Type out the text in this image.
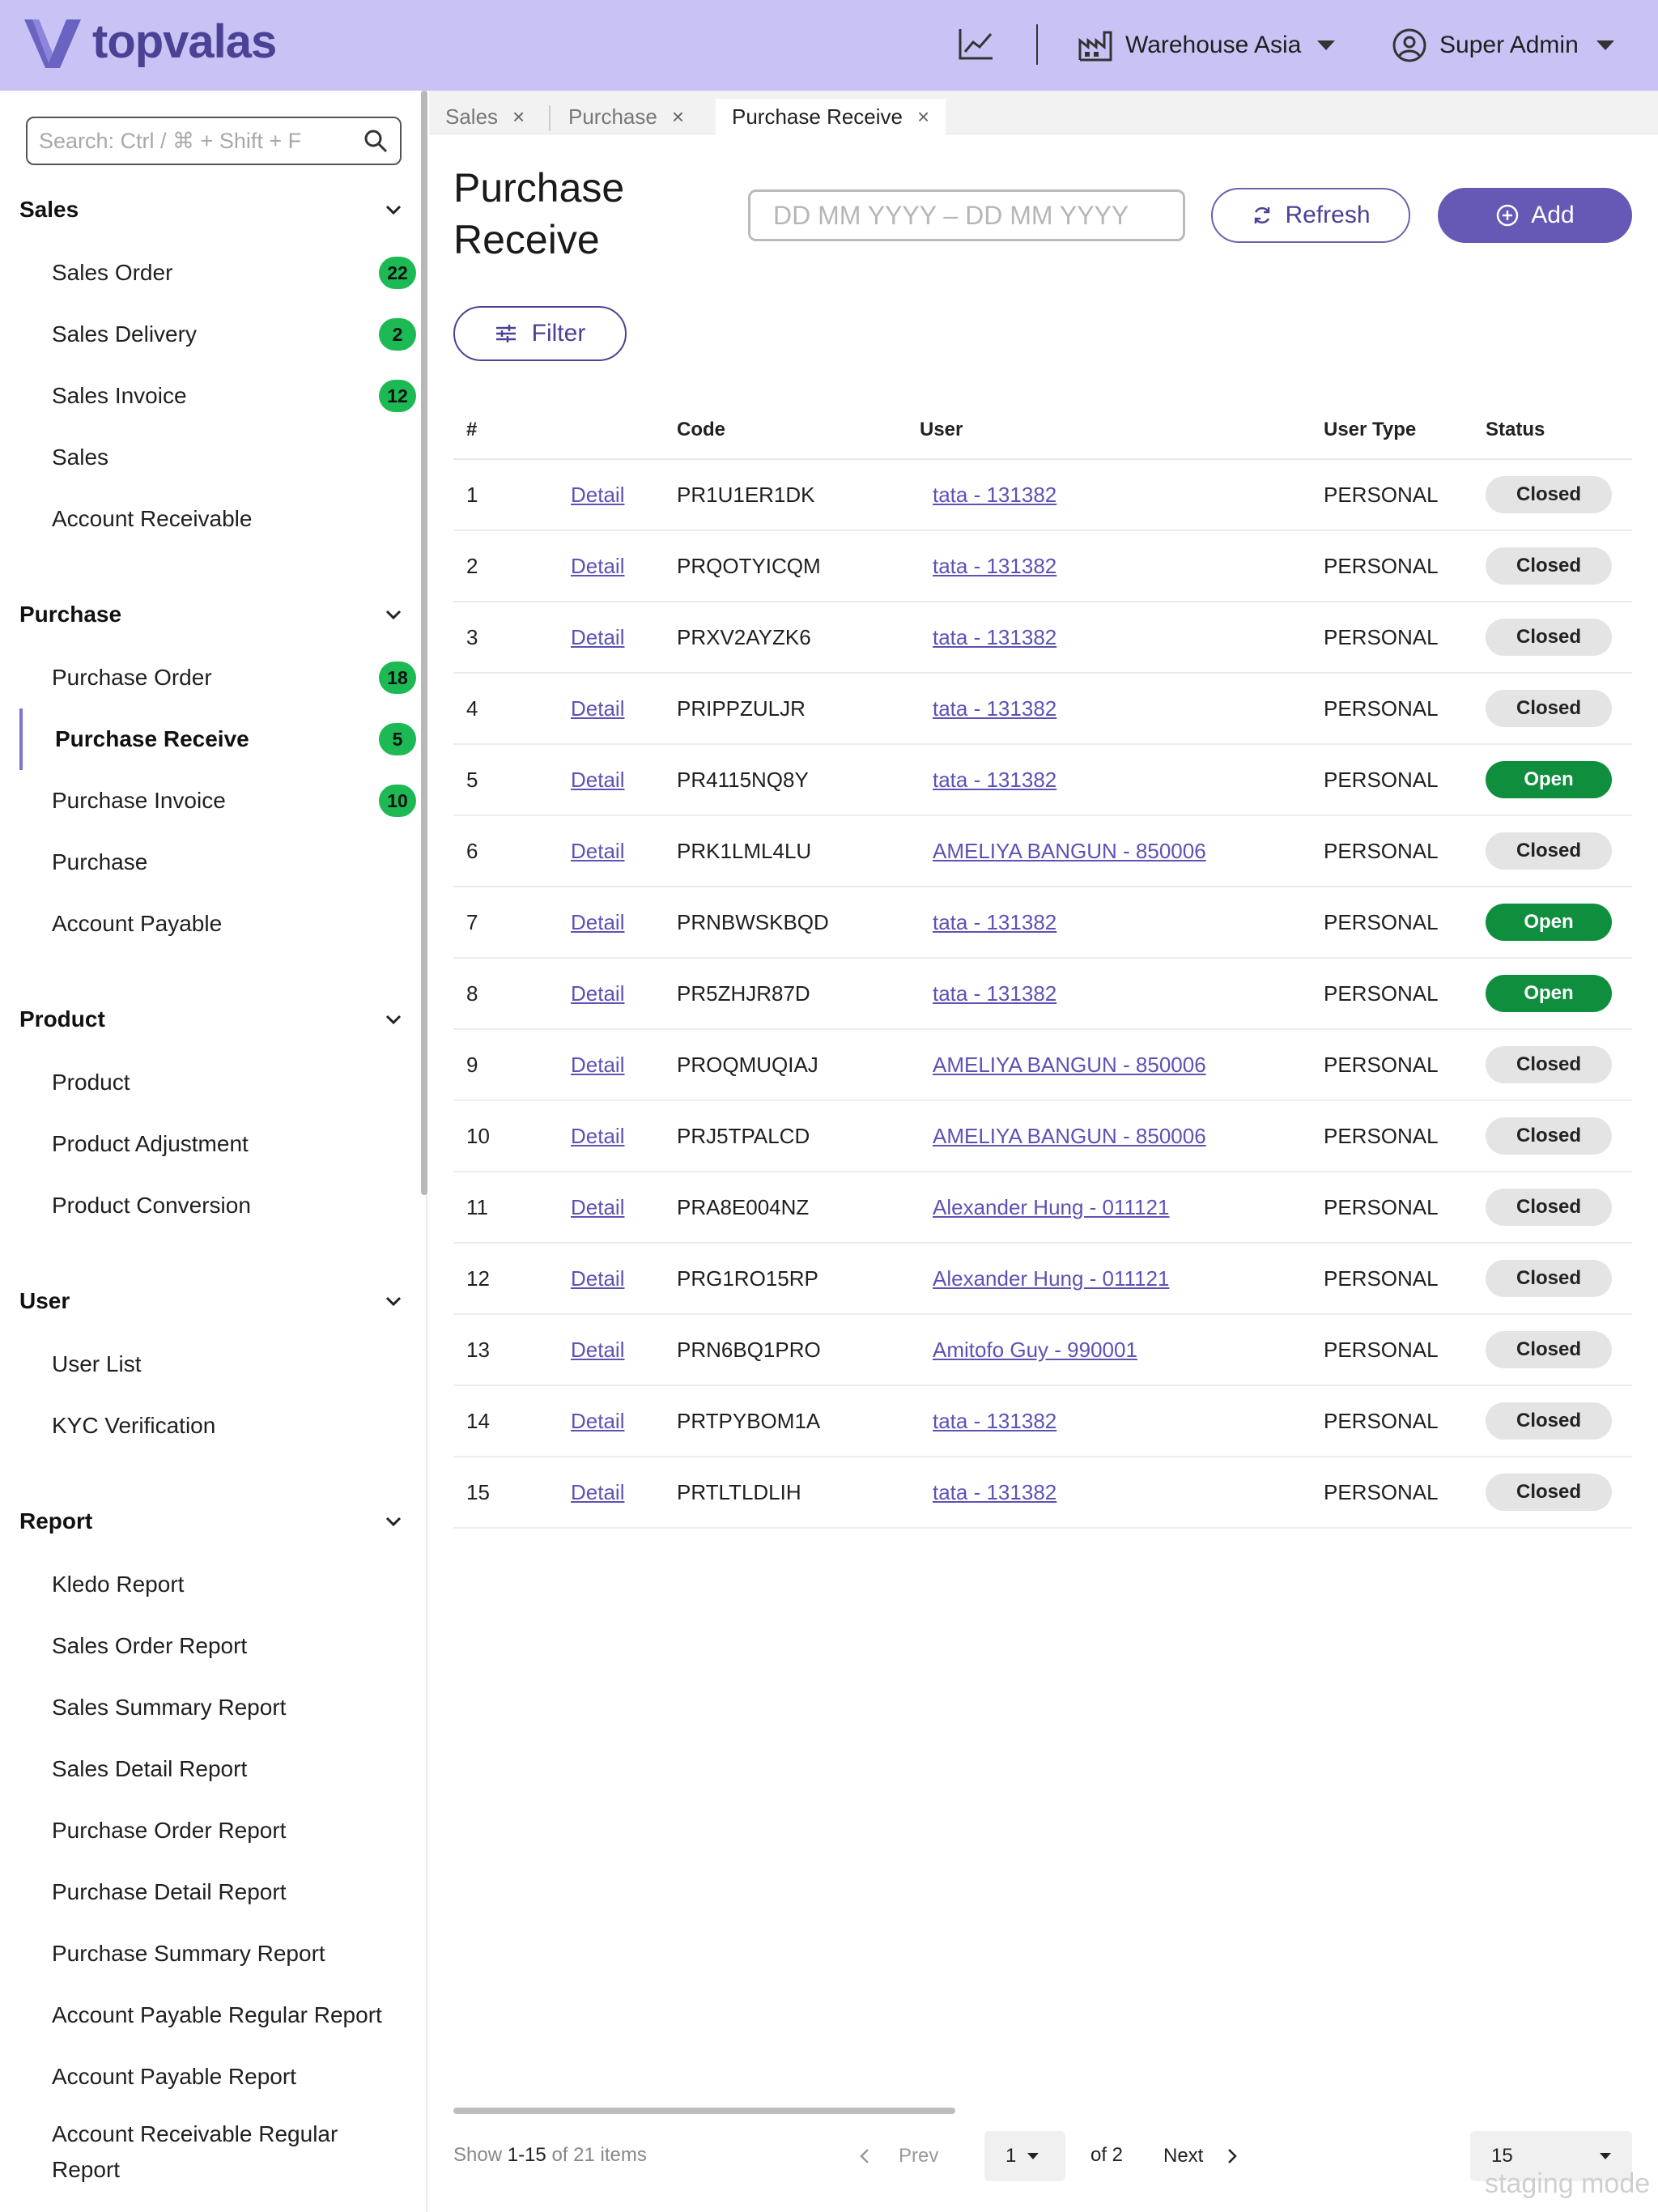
topvalas	Warehouse Asia	Super Admin
Search: Ctrl / ⌘ + Shift + F
Sales
Sales Order	22
Sales Delivery	2
Sales Invoice	12
Sales
Account Receivable
Purchase
Purchase Order	18
Purchase Receive	5
Purchase Invoice	10
Purchase
Account Payable
Product
Product
Product Adjustment
Product Conversion
User
User List
KYC Verification
Report
Kledo Report
Sales Order Report
Sales Summary Report
Sales Detail Report
Purchase Order Report
Purchase Detail Report
Purchase Summary Report
Account Payable Regular Report
Account Payable Report
Account Receivable Regular Report
Sales × Purchase × Purchase Receive ×
Purchase Receive
DD MM YYYY – DD MM YYYY
Refresh	Add
Filter
#	Code	User	User Type	Status
1	Detail PR1U1ER1DK	tata - 131382	PERSONAL	Closed
2	Detail PRQOTYICQM	tata - 131382	PERSONAL	Closed
3	Detail PRXV2AYZK6	tata - 131382	PERSONAL	Closed
4	Detail PRIPPZULJR	tata - 131382	PERSONAL	Closed
5	Detail PR4115NQ8Y	tata - 131382	PERSONAL	Open
6	Detail PRK1LML4LU	AMELIYA BANGUN - 850006	PERSONAL	Closed
7	Detail PRNBWSKBQD	tata - 131382	PERSONAL	Open
8	Detail PR5ZHJR87D	tata - 131382	PERSONAL	Open
9	Detail PROQMUQIAJ	AMELIYA BANGUN - 850006	PERSONAL	Closed
10	Detail PRJ5TPALCD	AMELIYA BANGUN - 850006	PERSONAL	Closed
11	Detail PRA8E004NZ	Alexander Hung - 011121	PERSONAL	Closed
12	Detail PRG1RO15RP	Alexander Hung - 011121	PERSONAL	Closed
13	Detail PRN6BQ1PRO	Amitofo Guy - 990001	PERSONAL	Closed
14	Detail PRTPYBOM1A	tata - 131382	PERSONAL	Closed
15	Detail PRTLTLDLIH	tata - 131382	PERSONAL	Closed
Show 1-15 of 21 items	Prev	1	of 2 Next	15
staging mode
